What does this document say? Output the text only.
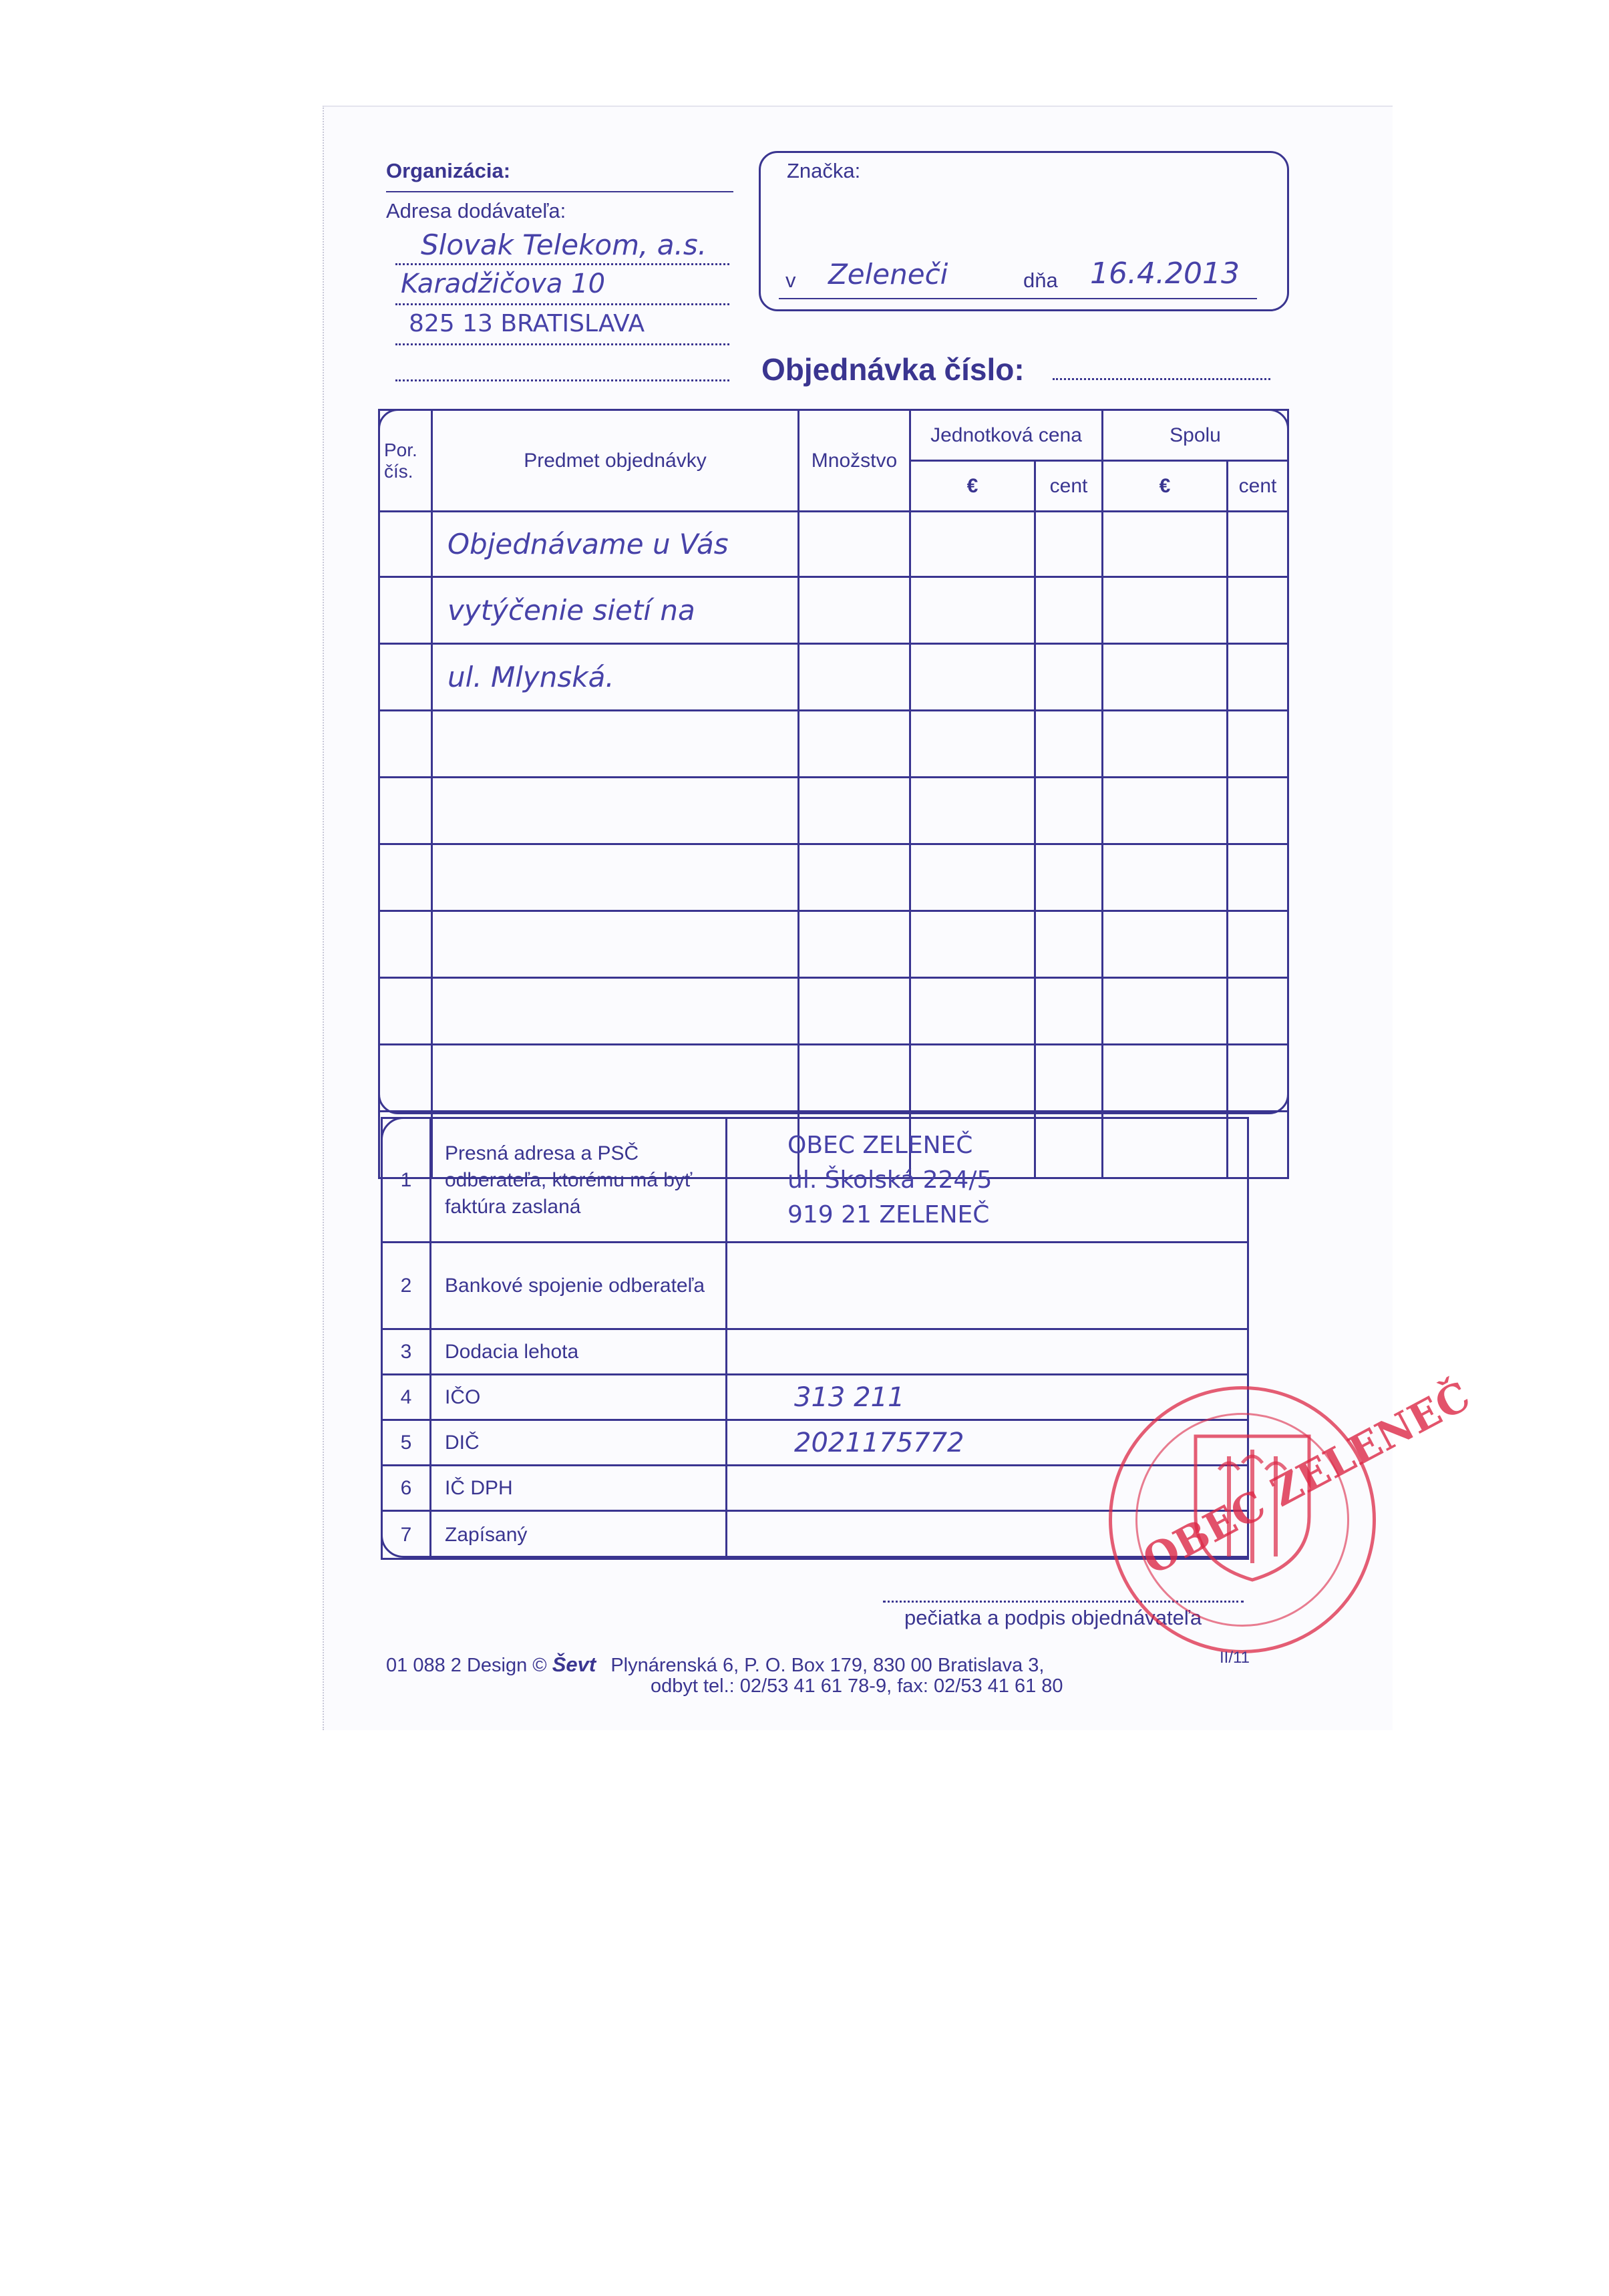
Organizácia:
Adresa dodávateľa:
Slovak Telekom, a.s.
Karadžičova 10
825 13 BRATISLAVA
Značka:
v Zeleneči	dňa 16.4.2013
Objednávka číslo:
Por. čís.	Predmet objednávky	Množstvo	Jednotková cena		Spolu	
			€	cent	€	cent
	Objednávame u Vás					
	vytýčenie sietí na					
	ul. Mlynská.					

1	Presná adresa a PSČ odberateľa, ktorému má byť faktúra zaslaná	OBEC ZELENEČ
ul. Školská 224/5
919 21 ZELENEČ
2	Bankové spojenie odberateľa	
3	Dodacia lehota	
4	IČO	313 211
5	DIČ	2021175772
6	IČ DPH	
7	Zapísaný	
pečiatka a podpis objednávateľa
OBEC ZELENEČ
01 088 2 Design © Ševt Plynárenská 6, P. O. Box 179, 830 00 Bratislava 3,
odbyt tel.: 02/53 41 61 78-9, fax: 02/53 41 61 80
II/11
